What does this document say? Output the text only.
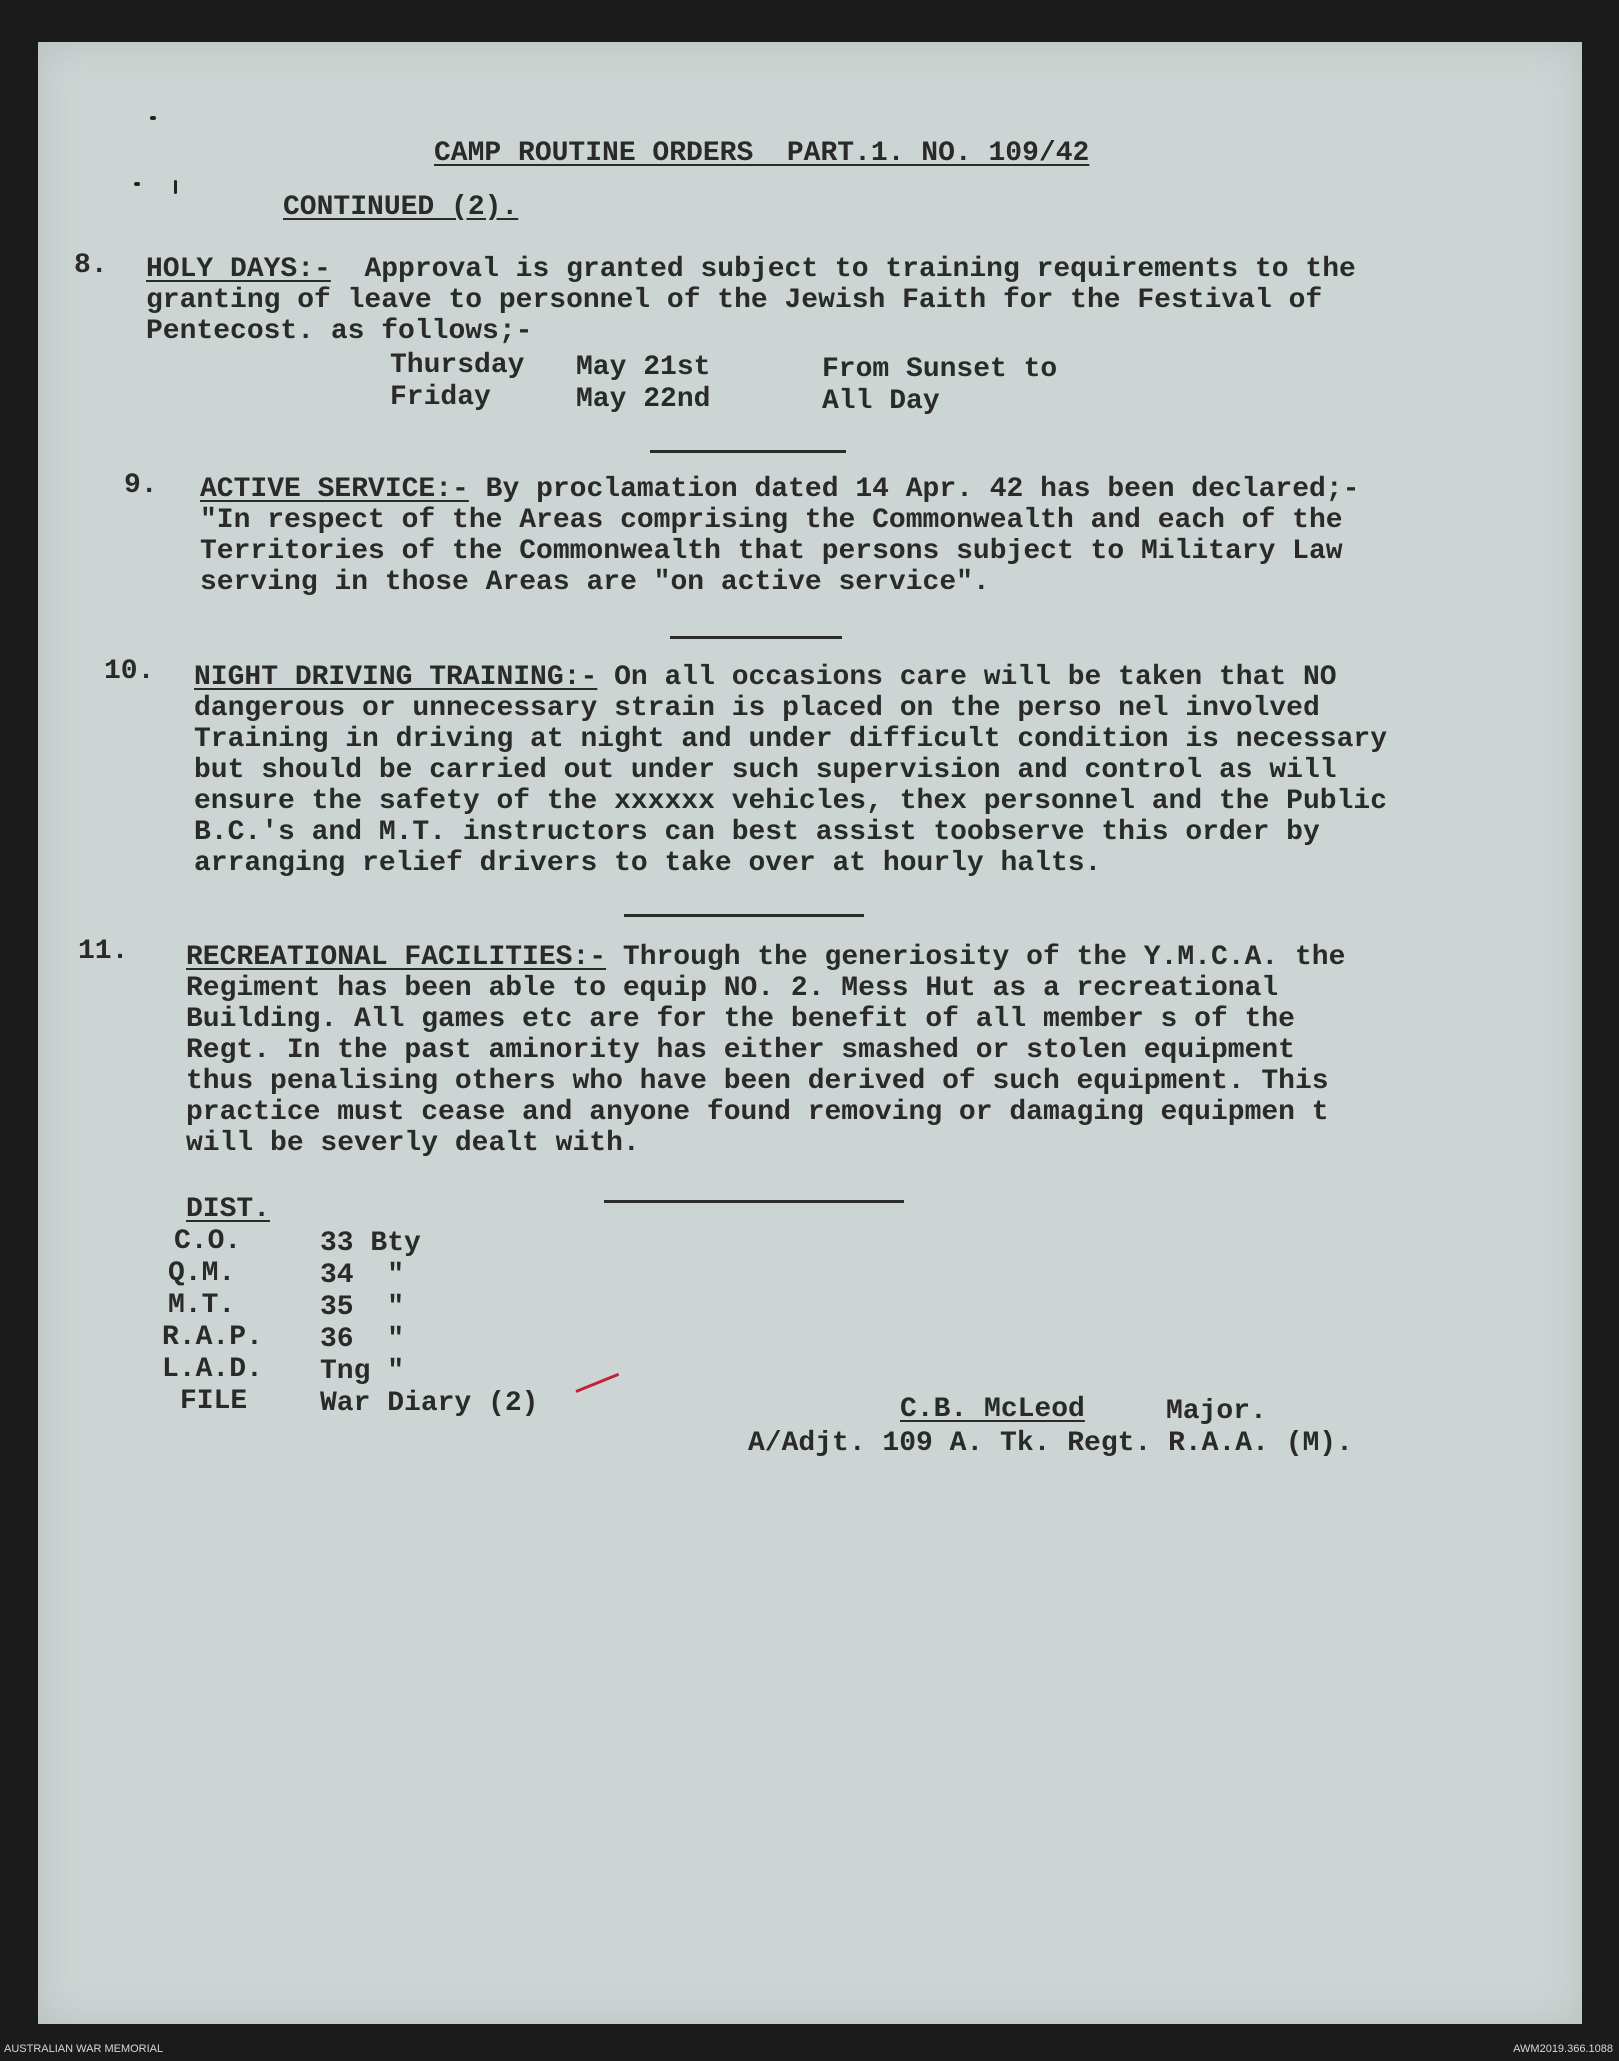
CAMP ROUTINE ORDERS  PART.1. NO. 109/42
CONTINUED (2).
8. HOLY DAYS:- Approval is granted subject to training requirements to the
granting of leave to personnel of the Jewish Faith for the Festival of
Pentecost. as follows;-
Thursday May 21st	From Sunset to
Friday	May 22nd	All Day
9. ACTIVE SERVICE:- By proclamation dated 14 Apr. 42 has been declared;-
"In respect of the Areas comprising the Commonwealth and each of the
Territories of the Commonwealth that persons subject to Military Law
serving in those Areas are "on active service".
10. NIGHT DRIVING TRAINING:- On all occasions care will be taken that NO
dangerous or unnecessary strain is placed on the perso nel involved
Training in driving at night and under difficult condition is necessary
but should be carried out under such supervision and control as will
ensure the safety of the xxxxxx vehicles, thex personnel and the Public
B.C.'s and M.T. instructors can best assist toobserve this order by
arranging relief drivers to take over at hourly halts.
11. RECREATIONAL FACILITIES:- Through the generiosity of the Y.M.C.A. the
Regiment has been able to equip NO. 2. Mess Hut as a recreational
Building. All games etc are for the benefit of all member s of the
Regt. In the past aminority has either smashed or stolen equipment
thus penalising others who have been derived of such equipment. This
practice must cease and anyone found removing or damaging equipmen t
will be severly dealt with.
DIST.
C.O.	33 Bty
Q.M.	34  "
M.T.	35  "
R.A.P. 36  "
L.A.D. Tng "
FILE	War Diary (2)	C.B. McLeod	Major.
A/Adjt. 109 A. Tk. Regt. R.A.A. (M).
AUSTRALIAN WAR MEMORIAL	AWM2019.366.1088
